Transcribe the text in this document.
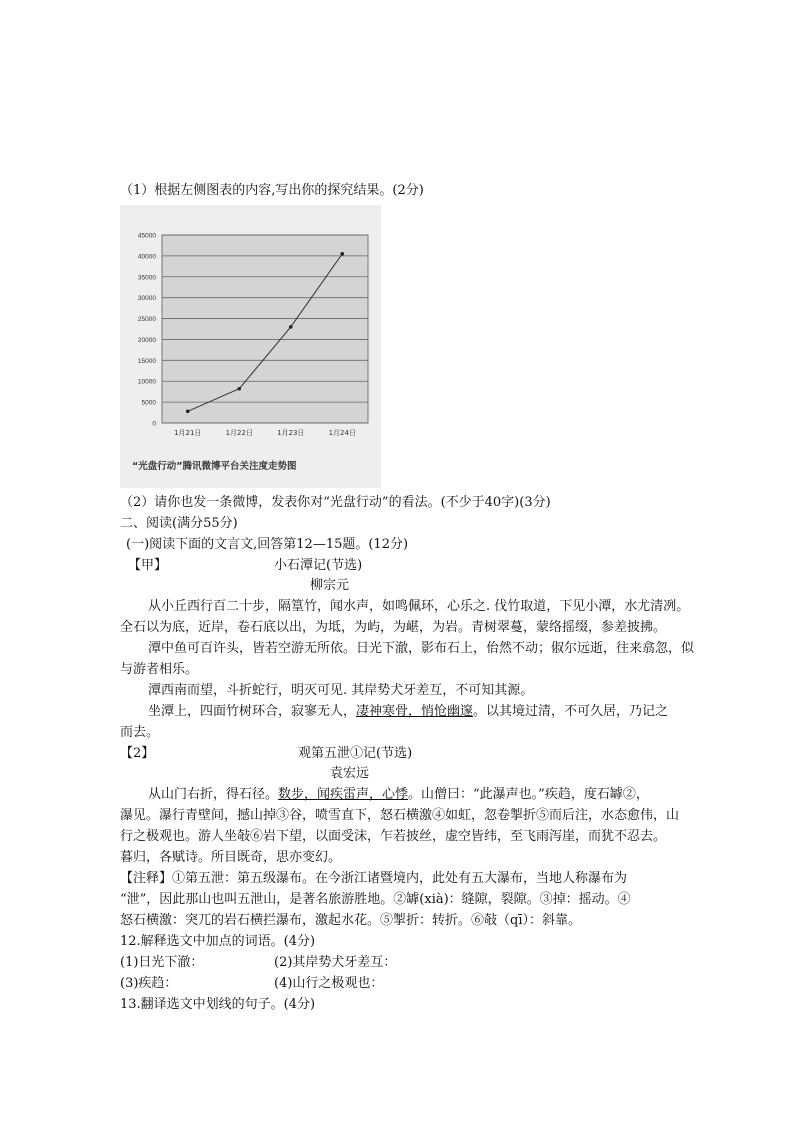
（1）根据左侧图表的内容,写出你的探究结果。(2分)
0
5000
10000
15000
20000
25000
30000
35000
40000
45000
1月21日	1月22日	1月23日	1月24日
“光盘行动”腾讯微博平台关注度走势图
（2）请你也发一条微博，发表你对“光盘行动”的看法。(不少于40字)(3分)
二、阅读(满分55分)
(一)阅读下面的文言文,回答第12—15题。(12分)
【甲】	小石潭记(节选)
柳宗元
从小丘西行百二十步，隔篁竹，闻水声，如鸣佩环，心乐之. 伐竹取道，下见小潭，水尤清冽。
全石以为底，近岸，卷石底以出，为坻，为屿，为嵁，为岩。青树翠蔓，蒙络摇缀，参差披拂。
潭中鱼可百许头，皆若空游无所依。日光下澈，影布石上，佁然不动；俶尔远逝，往来翕忽，似
与游者相乐。
潭西南而望，斗折蛇行，明灭可见. 其岸势犬牙差互，不可知其源。
坐潭上，四面竹树环合，寂寥无人，凄神寒骨，悄怆幽邃。以其境过清，不可久居，乃记之
而去。
【2】	观第五泄①记(节选)
袁宏远
从山门右折，得石径。数步，闻疾雷声，心悸。山僧曰：“此瀑声也。”疾趋，度石罅②，
瀑见。瀑行青壁间，撼山掉③谷，喷雪直下，怒石横激④如虹，忽卷掣折⑤而后注，水态愈伟，山
行之极观也。游人坐敧⑥岩下望，以面受沫，乍若披丝，虚空皆纬，至飞雨泻崖，而犹不忍去。
暮归，各赋诗。所目既奇，思亦变幻。
【注释】①第五泄：第五级瀑布。在今浙江诸暨境内，此处有五大瀑布，当地人称瀑布为
“泄”，因此那山也叫五泄山，是著名旅游胜地。②罅(xià)：缝隙，裂隙。③掉：摇动。④
怒石横激：突兀的岩石横拦瀑布，激起水花。⑤掣折：转折。⑥敧（qī）：斜靠。
12.解释选文中加点的词语。(4分)
(1)日光下澈：	(2)其岸势犬牙差互：
(3)疾趋：	(4)山行之极观也：
13.翻译选文中划线的句子。(4分)
